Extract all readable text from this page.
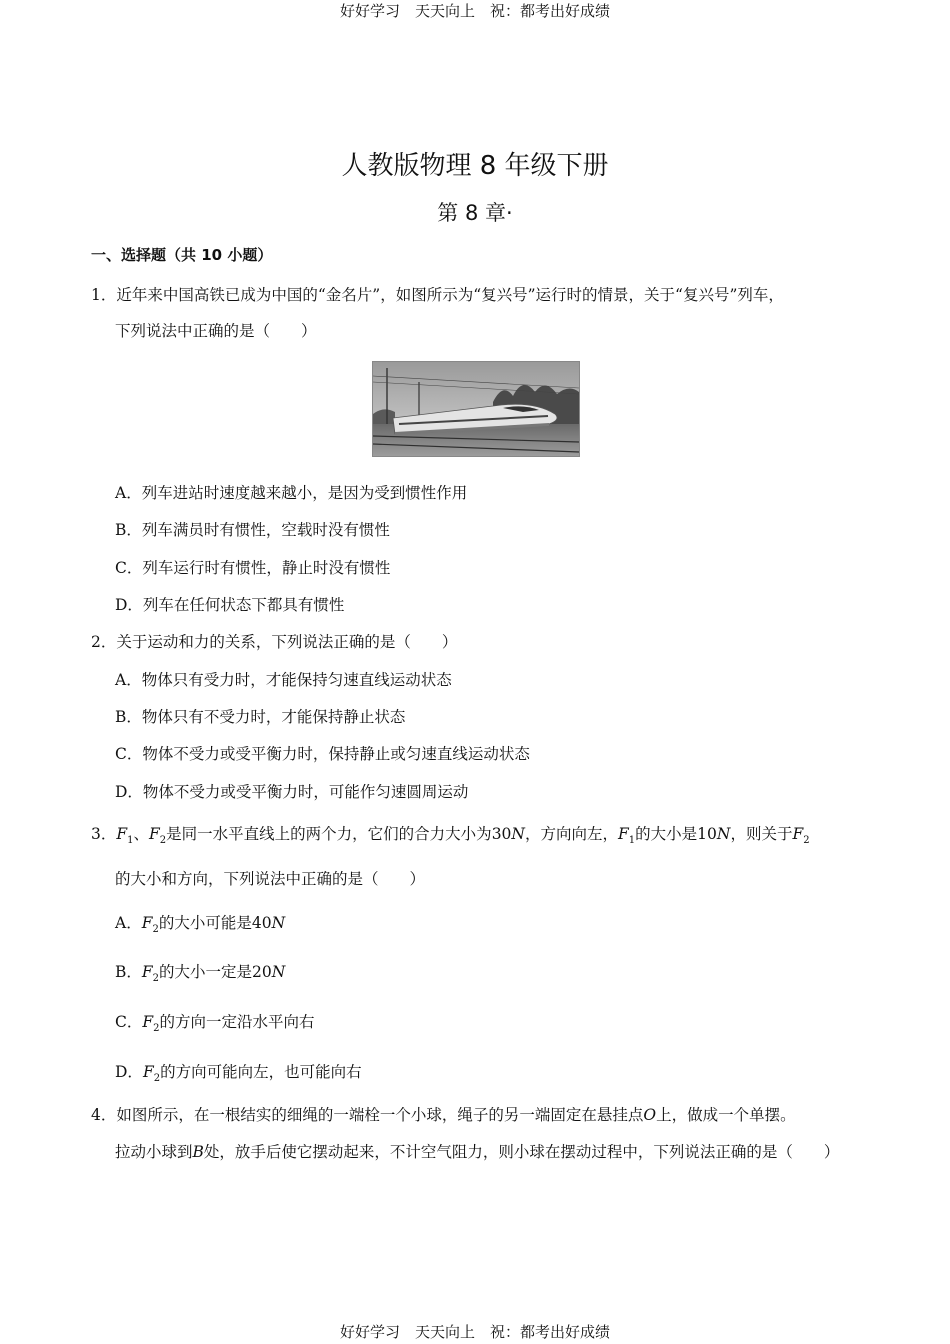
好好学习　天天向上　祝：都考出好成绩
人教版物理 8 年级下册
第 8 章·
一、选择题（共 10 小题）
1．近年来中国高铁已成为中国的“金名片”，如图所示为“复兴号”运行时的情景，关于“复兴号”列车，
下列说法中正确的是（　　）
A．列车进站时速度越来越小，是因为受到惯性作用
B．列车满员时有惯性，空载时没有惯性
C．列车运行时有惯性，静止时没有惯性
D．列车在任何状态下都具有惯性
2．关于运动和力的关系，下列说法正确的是（　　）
A．物体只有受力时，才能保持匀速直线运动状态
B．物体只有不受力时，才能保持静止状态
C．物体不受力或受平衡力时，保持静止或匀速直线运动状态
D．物体不受力或受平衡力时，可能作匀速圆周运动
3．$F_1$、$F_2$是同一水平直线上的两个力，它们的合力大小为30N，方向向左，$F_1$的大小是10N，则关于$F_2$
的大小和方向，下列说法中正确的是（　　）
A．$F_2$的大小可能是40N
B．$F_2$的大小一定是20N
C．$F_2$的方向一定沿水平向右
D．$F_2$的方向可能向左，也可能向右
4．如图所示，在一根结实的细绳的一端栓一个小球，绳子的另一端固定在悬挂点O上，做成一个单摆。
拉动小球到B处，放手后使它摆动起来，不计空气阻力，则小球在摆动过程中，下列说法正确的是（　　）
好好学习　天天向上　祝：都考出好成绩
